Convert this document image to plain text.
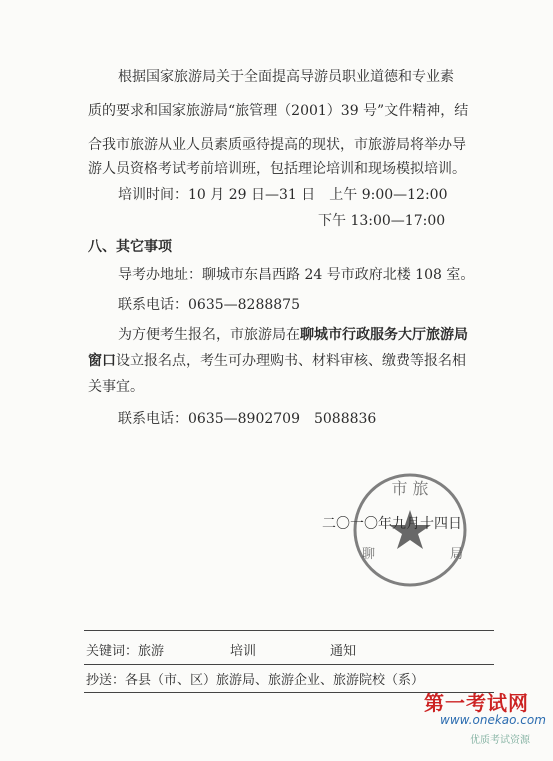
根据国家旅游局关于全面提高导游员职业道德和专业素
质的要求和国家旅游局“旅管理（2001）39 号”文件精神，结
合我市旅游从业人员素质亟待提高的现状，市旅游局将举办导
游人员资格考试考前培训班，包括理论培训和现场模拟培训。
培训时间：10 月 29 日—31 日　上午 9:00—12:00
下午 13:00—17:00
八、其它事项
导考办地址：聊城市东昌西路 24 号市政府北楼 108 室。
联系电话：0635—8288875
为方便考生报名，市旅游局在聊城市行政服务大厅旅游局
窗口设立报名点，考生可办理购书、材料审核、缴费等报名相
关事宜。
联系电话：0635—8902709　5088836
市 旅
聊	局
二〇一〇年九月十四日
关键词：旅游	培训	通知
抄送：各县（市、区）旅游局、旅游企业、旅游院校（系）
第一考试网
www.onekao.com
优质考试资源
